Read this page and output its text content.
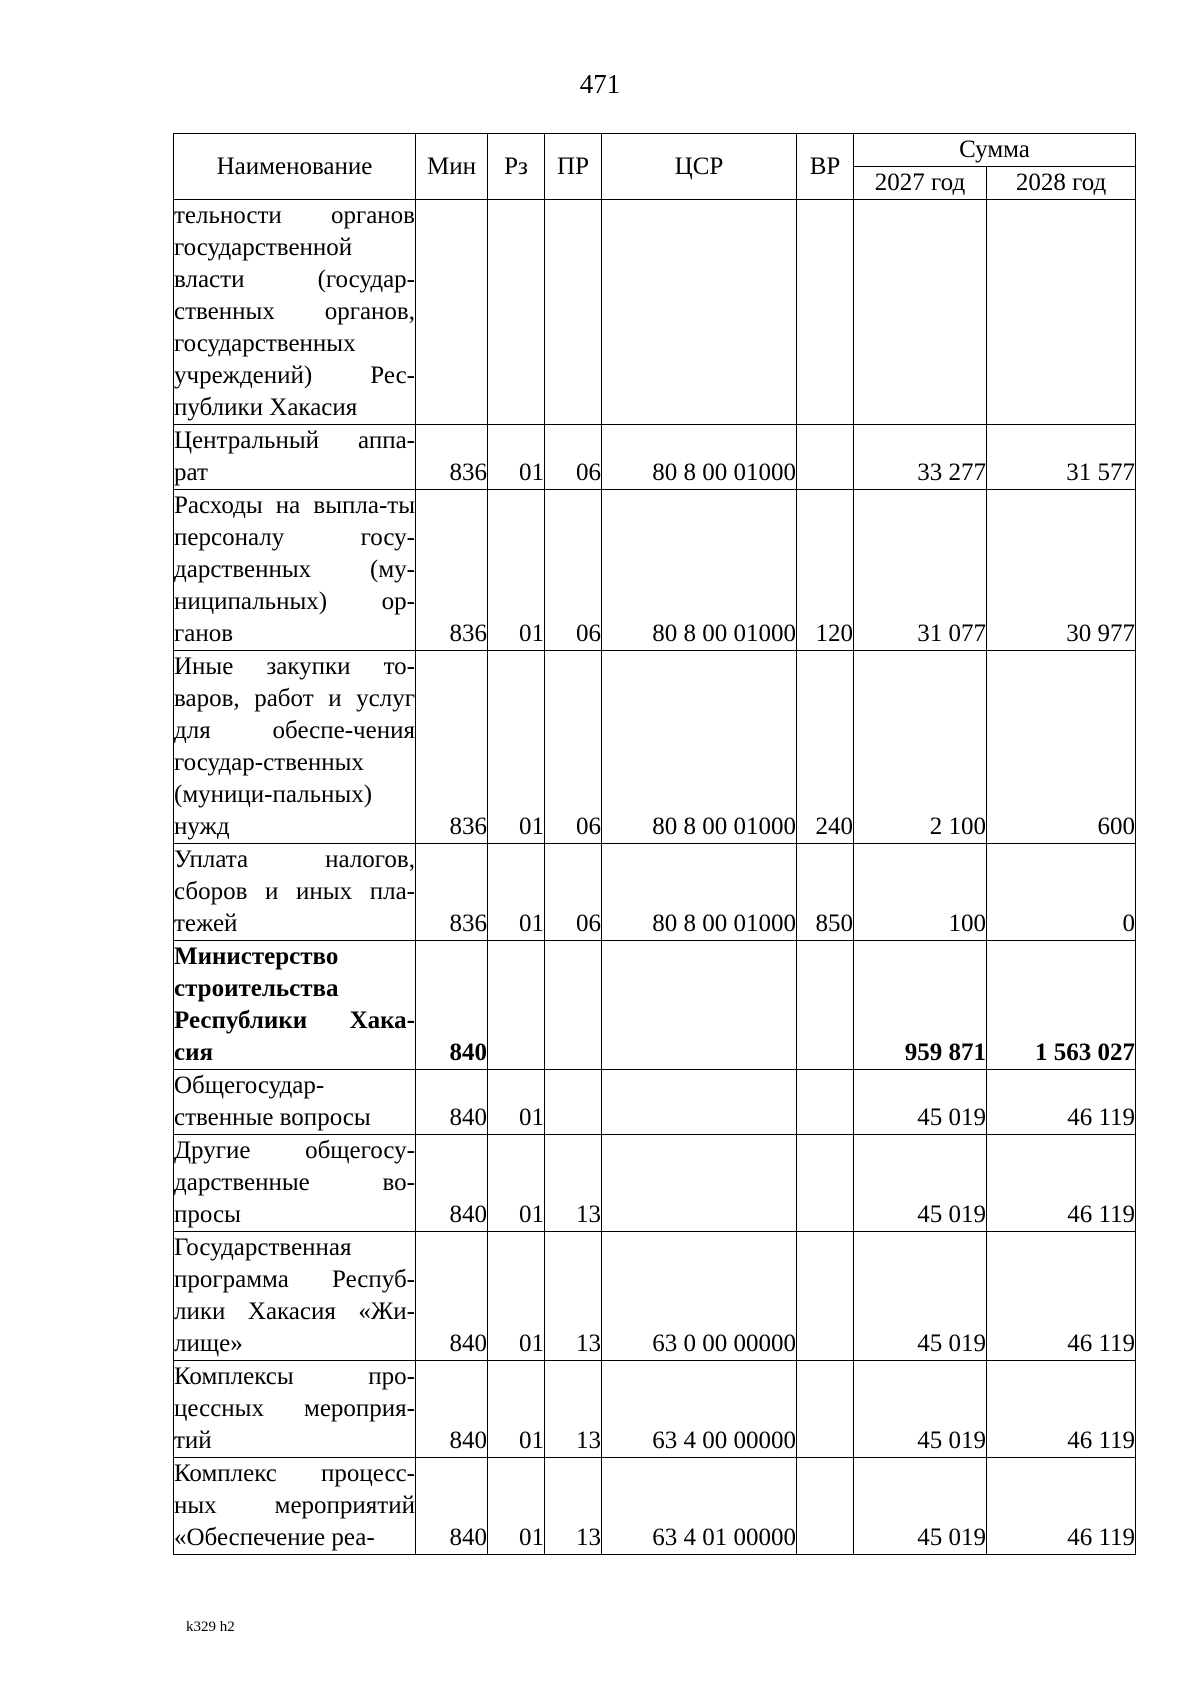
471
Наименование	Мин	Рз	ПР	ЦСР	ВР	Сумма	
						2027 год	2028 год
тельности органов государственной власти (государ-ственных органов, государственных учреждений) Рес-публики Хакасия							
Центральный аппа-рат	836	01	06	80 8 00 01000		33 277	31 577
Расходы на выпла-ты персоналу госу-дарственных (му-ниципальных) ор-ганов	836	01	06	80 8 00 01000	120	31 077	30 977
Иные закупки то-варов, работ и услуг для обеспе-чения государ-ственных (муници-пальных) нужд	836	01	06	80 8 00 01000	240	2 100	600
Уплата налогов, сборов и иных пла-тежей	836	01	06	80 8 00 01000	850	100	0
Министерство строительства Республики Хака-сия	840					959 871	1 563 027
Общегосудар-ственные вопросы	840	01				45 019	46 119
Другие общегосу-дарственные во-просы	840	01	13			45 019	46 119
Государственная программа Респуб-лики Хакасия «Жи-лище»	840	01	13	63 0 00 00000		45 019	46 119
Комплексы про-цессных мероприя-тий	840	01	13	63 4 00 00000		45 019	46 119
Комплекс процесс-ных мероприятий «Обеспечение реа-	840	01	13	63 4 01 00000		45 019	46 119
k329 h2
